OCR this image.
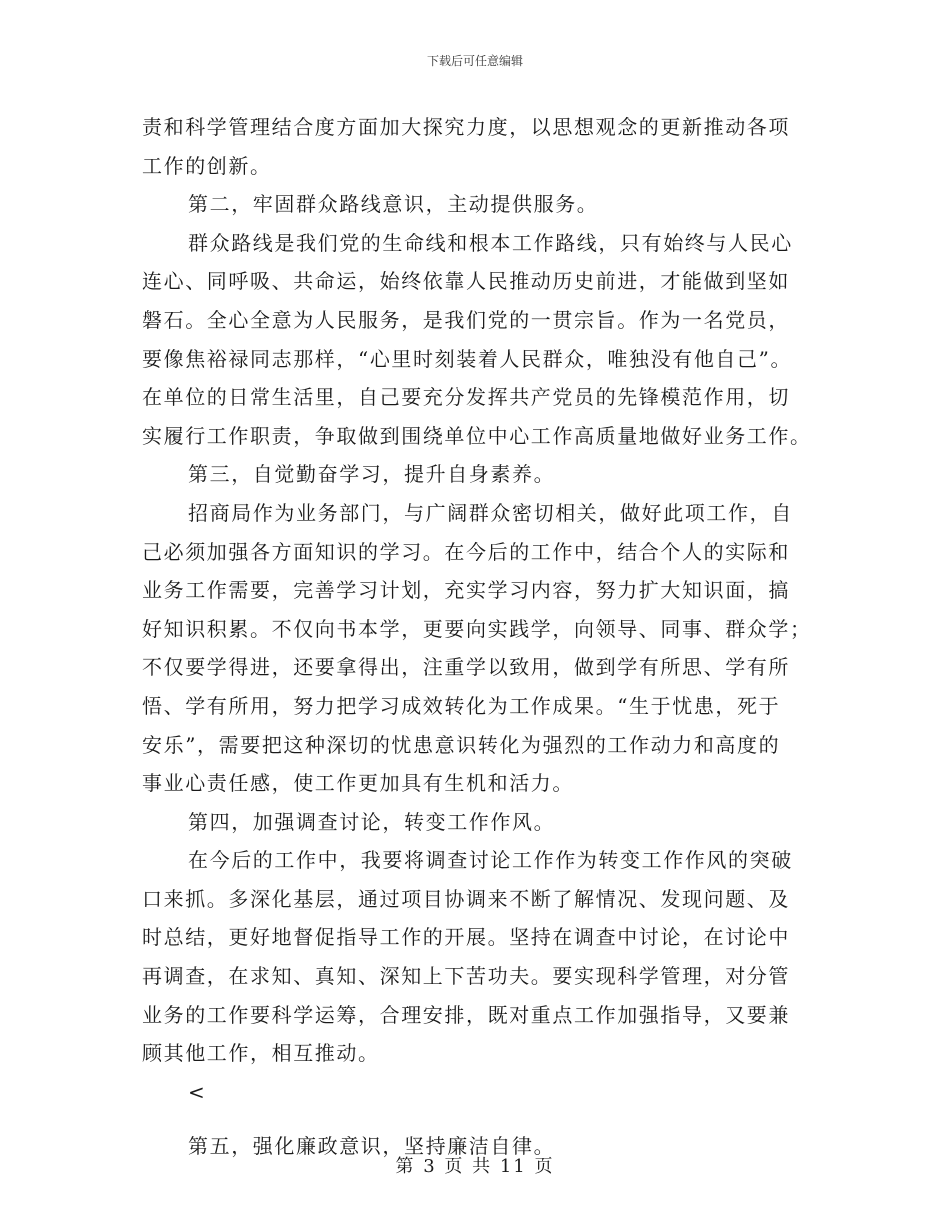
下载后可任意编辑
责和科学管理结合度方面加大探究力度，以思想观念的更新推动各项
工作的创新。
第二，牢固群众路线意识，主动提供服务。
群众路线是我们党的生命线和根本工作路线，只有始终与人民心
连心、同呼吸、共命运，始终依靠人民推动历史前进，才能做到坚如
磐石。全心全意为人民服务，是我们党的一贯宗旨。作为一名党员，
要像焦裕禄同志那样，“心里时刻装着人民群众，唯独没有他自己”。
在单位的日常生活里，自己要充分发挥共产党员的先锋模范作用，切
实履行工作职责，争取做到围绕单位中心工作高质量地做好业务工作。
第三，自觉勤奋学习，提升自身素养。
招商局作为业务部门，与广阔群众密切相关，做好此项工作，自
己必须加强各方面知识的学习。在今后的工作中，结合个人的实际和
业务工作需要，完善学习计划，充实学习内容，努力扩大知识面，搞
好知识积累。不仅向书本学，更要向实践学，向领导、同事、群众学；
不仅要学得进，还要拿得出，注重学以致用，做到学有所思、学有所
悟、学有所用，努力把学习成效转化为工作成果。“生于忧患，死于
安乐”，需要把这种深切的忧患意识转化为强烈的工作动力和高度的
事业心责任感，使工作更加具有生机和活力。
第四，加强调查讨论，转变工作作风。
在今后的工作中，我要将调查讨论工作作为转变工作作风的突破
口来抓。多深化基层，通过项目协调来不断了解情况、发现问题、及
时总结，更好地督促指导工作的开展。坚持在调查中讨论，在讨论中
再调查，在求知、真知、深知上下苦功夫。要实现科学管理，对分管
业务的工作要科学运筹，合理安排，既对重点工作加强指导，又要兼
顾其他工作，相互推动。
<
第五，强化廉政意识，坚持廉洁自律。
第 3 页 共 11 页
